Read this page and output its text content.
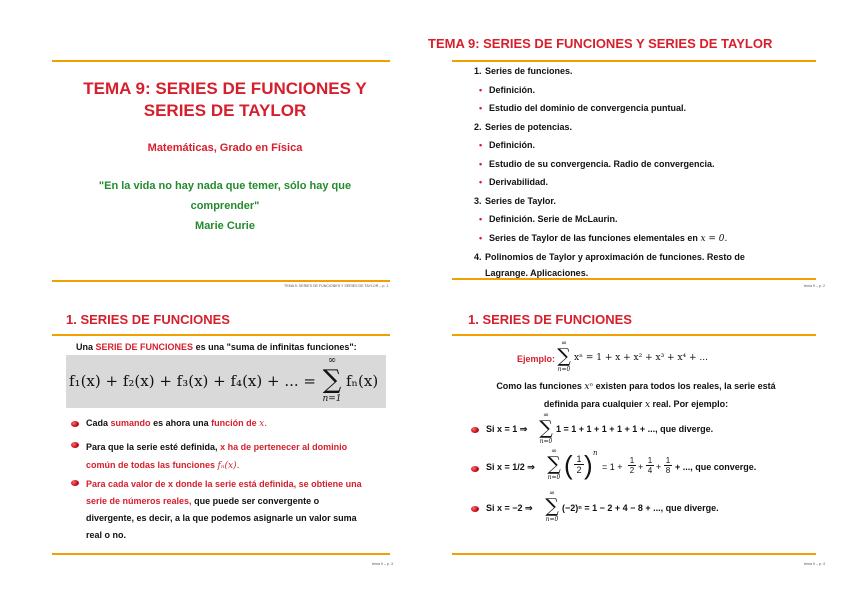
TEMA 9: SERIES DE FUNCIONES Y
SERIES DE TAYLOR
Matemáticas, Grado en Física
"En la vida no hay nada que temer, sólo hay que
comprender"
Marie Curie
TEMA 9: SERIES DE FUNCIONES Y SERIES DE TAYLOR – p. 1
TEMA 9: SERIES DE FUNCIONES Y SERIES DE TAYLOR
1. Series de funciones.
• Definición.
• Estudio del dominio de convergencia puntual.
2. Series de potencias.
• Definición.
• Estudio de su convergencia. Radio de convergencia.
• Derivabilidad.
3. Series de Taylor.
• Definición. Serie de McLaurin.
• Series de Taylor de las funciones elementales en x = 0.
4. Polinomios de Taylor y aproximación de funciones. Resto de
Lagrange. Aplicaciones.
tema 9 – p. 2
1. SERIES DE FUNCIONES
Una SERIE DE FUNCIONES es una "suma de infinitas funciones":
f₁(x) + f₂(x) + f₃(x) + f₄(x) + ... =
∞
∑
n=1
fₙ(x)
Cada sumando es ahora una función de x.
Para que la serie esté definida, x ha de pertenecer al dominio
común de todas las funciones fₙ(x).
Para cada valor de x donde la serie está definida, se obtiene una
serie de números reales, que puede ser convergente o
divergente, es decir, a la que podemos asignarle un valor suma
real o no.
tema 9 – p. 3
1. SERIES DE FUNCIONES
Ejemplo:
∞
∑
n=0
xⁿ = 1 + x + x² + x³ + x⁴ + ...
Como las funciones xⁿ existen para todos los reales, la serie está
definida para cualquier x real. Por ejemplo:
Si x = 1 ⇒
∞
∑
n=0
1 = 1 + 1 + 1 + 1 + 1 + ..., que diverge.
Si x = 1/2 ⇒
∞
∑
n=0 ( 1
2 ) n
= 1 +
1
2 +
1
4 +
1
8 + ..., que converge.
Si x = −2 ⇒
∞
∑
n=0
(−2)ⁿ = 1 − 2 + 4 − 8 + ..., que diverge.
tema 9 – p. 4
